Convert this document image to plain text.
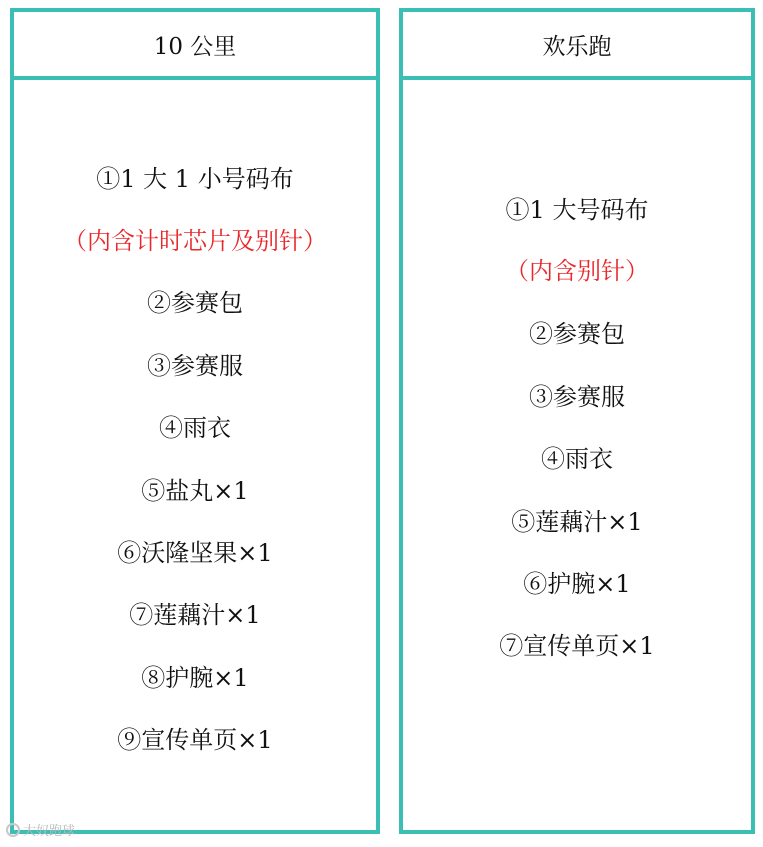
10 公里
①1 大 1 小号码布
（内含计时芯片及别针）
②参赛包
③参赛服
④雨衣
⑤盐丸×1
⑥沃隆坚果×1
⑦莲藕汁×1
⑧护腕×1
⑨宣传单页×1
欢乐跑
①1 大号码布
（内含别针）
②参赛包
③参赛服
④雨衣
⑤莲藕汁×1
⑥护腕×1
⑦宣传单页×1
大奴跑球
